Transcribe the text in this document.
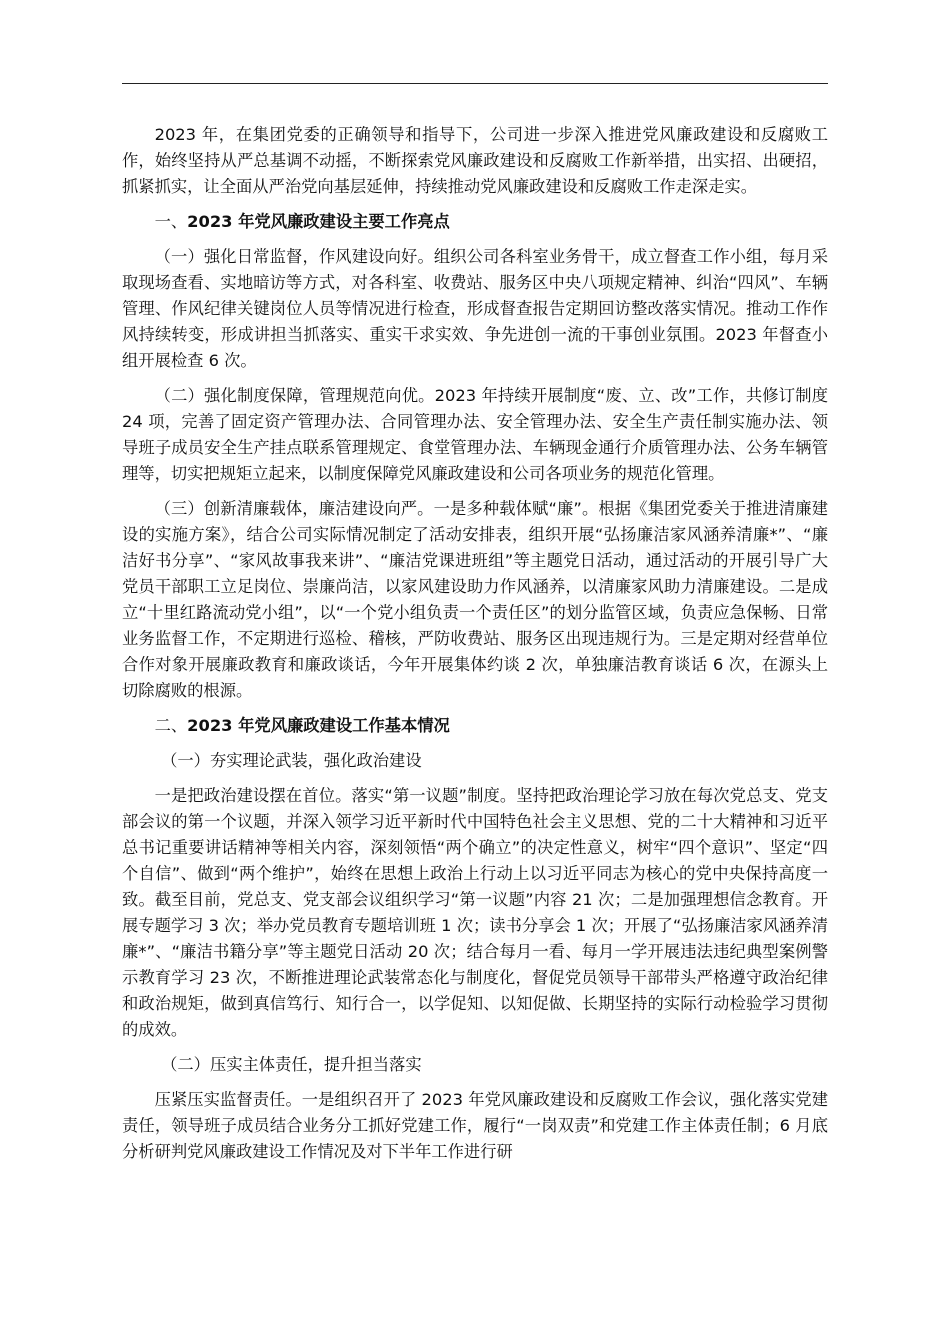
2023 年，在集团党委的正确领导和指导下，公司进一步深入推进党风廉政建设和反腐败工作，始终坚持从严总基调不动摇，不断探索党风廉政建设和反腐败工作新举措，出实招、出硬招，抓紧抓实，让全面从严治党向基层延伸，持续推动党风廉政建设和反腐败工作走深走实。

一、2023 年党风廉政建设主要工作亮点

（一）强化日常监督，作风建设向好。组织公司各科室业务骨干，成立督查工作小组，每月采取现场查看、实地暗访等方式，对各科室、收费站、服务区中央八项规定精神、纠治“四风”、车辆管理、作风纪律关键岗位人员等情况进行检查，形成督查报告定期回访整改落实情况。推动工作作风持续转变，形成讲担当抓落实、重实干求实效、争先进创一流的干事创业氛围。2023 年督查小组开展检查 6 次。

（二）强化制度保障，管理规范向优。2023 年持续开展制度“废、立、改”工作，共修订制度 24 项，完善了固定资产管理办法、合同管理办法、安全管理办法、安全生产责任制实施办法、领导班子成员安全生产挂点联系管理规定、食堂管理办法、车辆现金通行介质管理办法、公务车辆管理等，切实把规矩立起来，以制度保障党风廉政建设和公司各项业务的规范化管理。

（三）创新清廉载体，廉洁建设向严。一是多种载体赋“廉”。根据《集团党委关于推进清廉建设的实施方案》，结合公司实际情况制定了活动安排表，组织开展“弘扬廉洁家风涵养清廉*”、“廉洁好书分享”、“家风故事我来讲”、“廉洁党课进班组”等主题党日活动，通过活动的开展引导广大党员干部职工立足岗位、崇廉尚洁，以家风建设助力作风涵养，以清廉家风助力清廉建设。二是成立“十里红路流动党小组”，以“一个党小组负责一个责任区”的划分监管区域，负责应急保畅、日常业务监督工作，不定期进行巡检、稽核，严防收费站、服务区出现违规行为。三是定期对经营单位合作对象开展廉政教育和廉政谈话，今年开展集体约谈 2 次，单独廉洁教育谈话 6 次，在源头上切除腐败的根源。

二、2023 年党风廉政建设工作基本情况

（一）夯实理论武装，强化政治建设

一是把政治建设摆在首位。落实“第一议题”制度。坚持把政治理论学习放在每次党总支、党支部会议的第一个议题，并深入领学习近平新时代中国特色社会主义思想、党的二十大精神和习近平总书记重要讲话精神等相关内容，深刻领悟“两个确立”的决定性意义，树牢“四个意识”、坚定“四个自信”、做到“两个维护”，始终在思想上政治上行动上以习近平同志为核心的党中央保持高度一致。截至目前，党总支、党支部会议组织学习“第一议题”内容 21 次；二是加强理想信念教育。开展专题学习 3 次；举办党员教育专题培训班 1 次；读书分享会 1 次；开展了“弘扬廉洁家风涵养清廉*”、“廉洁书籍分享”等主题党日活动 20 次；结合每月一看、每月一学开展违法违纪典型案例警示教育学习 23 次，不断推进理论武装常态化与制度化，督促党员领导干部带头严格遵守政治纪律和政治规矩，做到真信笃行、知行合一，以学促知、以知促做、长期坚持的实际行动检验学习贯彻的成效。

（二）压实主体责任，提升担当落实

压紧压实监督责任。一是组织召开了 2023 年党风廉政建设和反腐败工作会议，强化落实党建责任，领导班子成员结合业务分工抓好党建工作，履行“一岗双责”和党建工作主体责任制；6 月底分析研判党风廉政建设工作情况及对下半年工作进行研
